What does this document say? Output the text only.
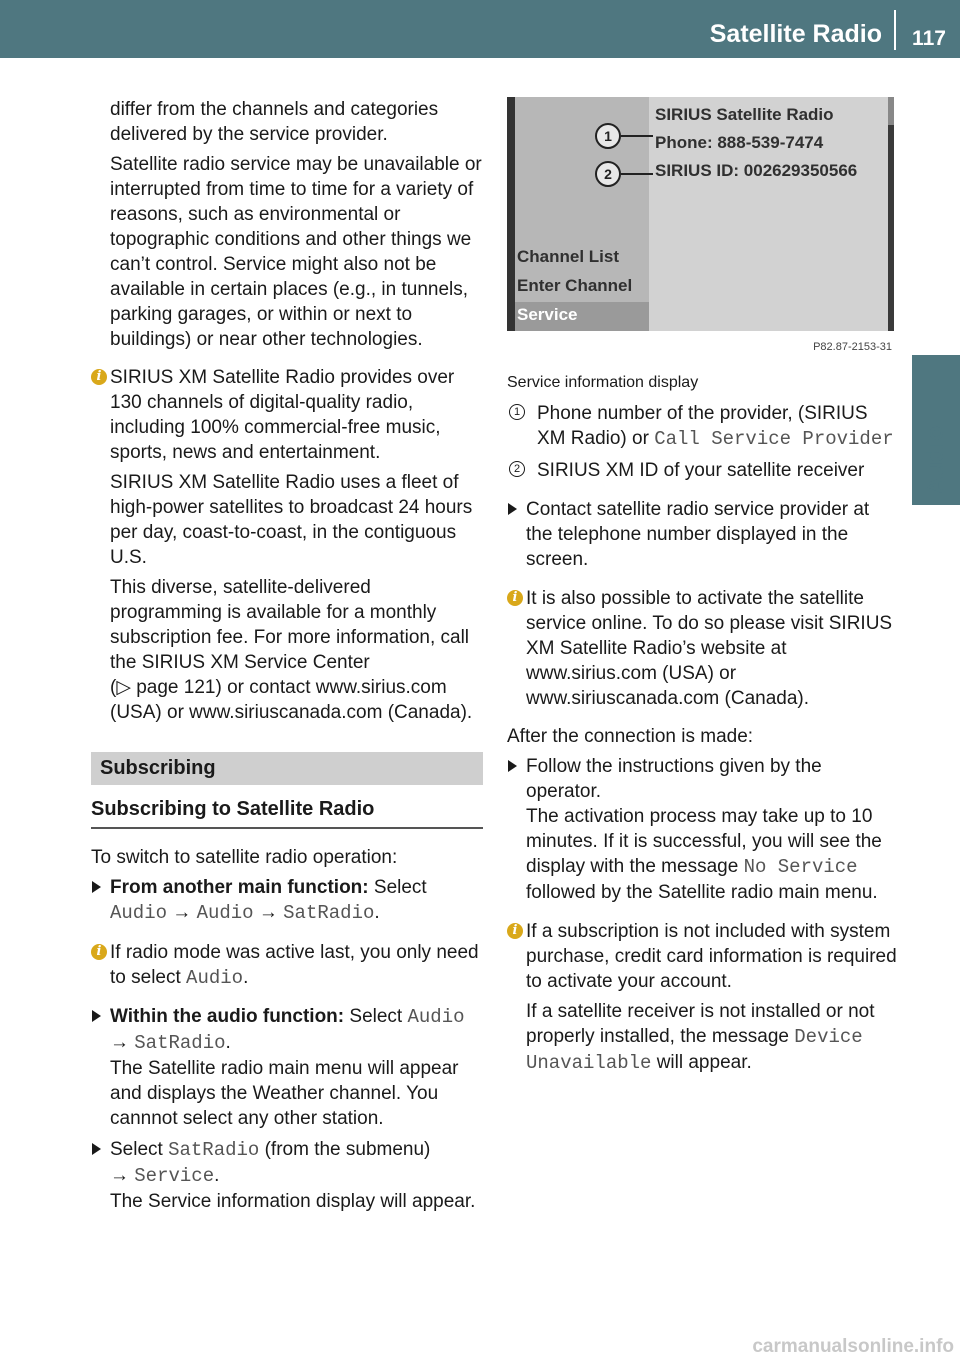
Satellite Radio	117
Audio
differ from the channels and categories delivered by the service provider.
Satellite radio service may be unavailable or interrupted from time to time for a variety of reasons, such as environmental or topographic conditions and other things we can’t control. Service might also not be available in certain places (e.g., in tunnels, parking garages, or within or next to buildings) or near other technologies.
i SIRIUS XM Satellite Radio provides over 130 channels of digital-quality radio, including 100% commercial-free music, sports, news and entertainment.
SIRIUS XM Satellite Radio uses a fleet of high-power satellites to broadcast 24 hours per day, coast-to-coast, in the contiguous U.S.
This diverse, satellite-delivered programming is available for a monthly subscription fee. For more information, call the SIRIUS XM Service Center
(▷ page 121) or contact www.sirius.com (USA) or www.siriuscanada.com (Canada).
Subscribing
Subscribing to Satellite Radio
To switch to satellite radio operation:
From another main function: Select
Audio → Audio → SatRadio.
i If radio mode was active last, you only need to select Audio.
Within the audio function: Select Audio
→ SatRadio.
The Satellite radio main menu will appear and displays the Weather channel. You cannnot select any other station.
Select SatRadio (from the submenu)
→ Service.
The Service information display will appear.
SIRIUS Satellite Radio
Phone: 888-539-7474
SIRIUS ID: 002629350566
1
2
Channel List
Enter Channel
Service
P82.87-2153-31
Service information display
1 Phone number of the provider, (SIRIUS XM Radio) or Call Service Provider
2 SIRIUS XM ID of your satellite receiver
Contact satellite radio service provider at the telephone number displayed in the screen.
i It is also possible to activate the satellite service online. To do so please visit SIRIUS XM Satellite Radio’s website at www.sirius.com (USA) or www.siriuscanada.com (Canada).
After the connection is made:
Follow the instructions given by the operator.
The activation process may take up to 10 minutes. If it is successful, you will see the display with the message No Service followed by the Satellite radio main menu.
i If a subscription is not included with system purchase, credit card information is required to activate your account.
If a satellite receiver is not installed or not properly installed, the message Device Unavailable will appear.
carmanualsonline.info
